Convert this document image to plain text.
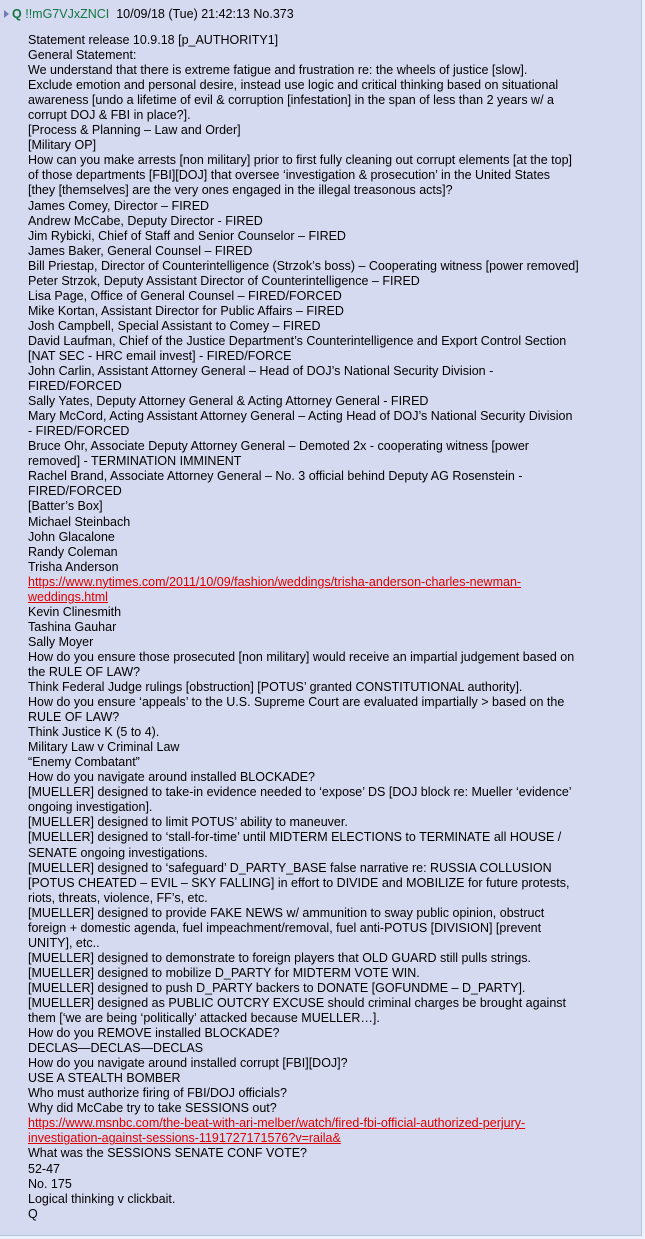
Q !!mG7VJxZNCI 10/09/18 (Tue) 21:42:13 No.373
Statement release 10.9.18 [p_AUTHORITY1]
General Statement:
We understand that there is extreme fatigue and frustration re: the wheels of justice [slow].
Exclude emotion and personal desire, instead use logic and critical thinking based on situational
awareness [undo a lifetime of evil & corruption [infestation] in the span of less than 2 years w/ a
corrupt DOJ & FBI in place?].
[Process & Planning – Law and Order]
[Military OP]
How can you make arrests [non military] prior to first fully cleaning out corrupt elements [at the top]
of those departments [FBI][DOJ] that oversee ‘investigation & prosecution’ in the United States
[they [themselves] are the very ones engaged in the illegal treasonous acts]?
James Comey, Director – FIRED
Andrew McCabe, Deputy Director - FIRED
Jim Rybicki, Chief of Staff and Senior Counselor – FIRED
James Baker, General Counsel – FIRED
Bill Priestap, Director of Counterintelligence (Strzok’s boss) – Cooperating witness [power removed]
Peter Strzok, Deputy Assistant Director of Counterintelligence – FIRED
Lisa Page, Office of General Counsel – FIRED/FORCED
Mike Kortan, Assistant Director for Public Affairs – FIRED
Josh Campbell, Special Assistant to Comey – FIRED
David Laufman, Chief of the Justice Department’s Counterintelligence and Export Control Section
[NAT SEC - HRC email invest] - FIRED/FORCE
John Carlin, Assistant Attorney General – Head of DOJ’s National Security Division -
FIRED/FORCED
Sally Yates, Deputy Attorney General & Acting Attorney General - FIRED
Mary McCord, Acting Assistant Attorney General – Acting Head of DOJ’s National Security Division
- FIRED/FORCED
Bruce Ohr, Associate Deputy Attorney General – Demoted 2x - cooperating witness [power
removed] - TERMINATION IMMINENT
Rachel Brand, Associate Attorney General – No. 3 official behind Deputy AG Rosenstein -
FIRED/FORCED
[Batter’s Box]
Michael Steinbach
John Glacalone
Randy Coleman
Trisha Anderson
https://www.nytimes.com/2011/10/09/fashion/weddings/trisha-anderson-charles-newman-
weddings.html
Kevin Clinesmith
Tashina Gauhar
Sally Moyer
How do you ensure those prosecuted [non military] would receive an impartial judgement based on
the RULE OF LAW?
Think Federal Judge rulings [obstruction] [POTUS’ granted CONSTITUTIONAL authority].
How do you ensure ‘appeals’ to the U.S. Supreme Court are evaluated impartially > based on the
RULE OF LAW?
Think Justice K (5 to 4).
Military Law v Criminal Law
“Enemy Combatant”
How do you navigate around installed BLOCKADE?
[MUELLER] designed to take-in evidence needed to ‘expose’ DS [DOJ block re: Mueller ‘evidence’
ongoing investigation].
[MUELLER] designed to limit POTUS’ ability to maneuver.
[MUELLER] designed to ‘stall-for-time’ until MIDTERM ELECTIONS to TERMINATE all HOUSE /
SENATE ongoing investigations.
[MUELLER] designed to ‘safeguard’ D_PARTY_BASE false narrative re: RUSSIA COLLUSION
[POTUS CHEATED – EVIL – SKY FALLING] in effort to DIVIDE and MOBILIZE for future protests,
riots, threats, violence, FF’s, etc.
[MUELLER] designed to provide FAKE NEWS w/ ammunition to sway public opinion, obstruct
foreign + domestic agenda, fuel impeachment/removal, fuel anti-POTUS [DIVISION] [prevent
UNITY], etc..
[MUELLER] designed to demonstrate to foreign players that OLD GUARD still pulls strings.
[MUELLER] designed to mobilize D_PARTY for MIDTERM VOTE WIN.
[MUELLER] designed to push D_PARTY backers to DONATE [GOFUNDME – D_PARTY].
[MUELLER] designed as PUBLIC OUTCRY EXCUSE should criminal charges be brought against
them [‘we are being ‘politically’ attacked because MUELLER…].
How do you REMOVE installed BLOCKADE?
DECLAS—DECLAS—DECLAS
How do you navigate around installed corrupt [FBI][DOJ]?
USE A STEALTH BOMBER
Who must authorize firing of FBI/DOJ officials?
Why did McCabe try to take SESSIONS out?
https://www.msnbc.com/the-beat-with-ari-melber/watch/fired-fbi-official-authorized-perjury-
investigation-against-sessions-1191727171576?v=raila&
What was the SESSIONS SENATE CONF VOTE?
52-47
No. 175
Logical thinking v clickbait.
Q
